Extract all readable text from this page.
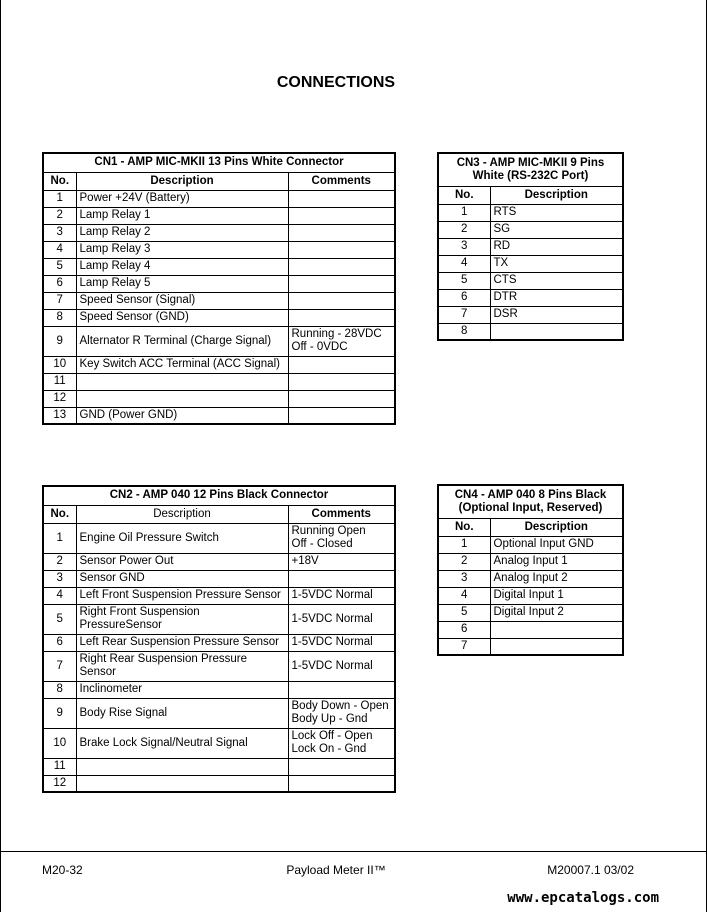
CONNECTIONS
CN1 - AMP MIC-MKII 13 Pins White Connector		
No.	Description	Comments
1	Power +24V (Battery)	
2	Lamp Relay 1	
3	Lamp Relay 2	
4	Lamp Relay 3	
5	Lamp Relay 4	
6	Lamp Relay 5	
7	Speed Sensor (Signal)	
8	Speed Sensor (GND)	
9	Alternator R Terminal (Charge Signal)	Running - 28VDC
Off - 0VDC
10	Key Switch ACC Terminal (ACC Signal)	
11		
12		
13	GND (Power GND)	
CN3 - AMP MIC-MKII 9 Pins
White (RS-232C Port)	
No.	Description
1	RTS
2	SG
3	RD
4	TX
5	CTS
6	DTR
7	DSR
8	
CN2 - AMP 040 12 Pins Black Connector		
No.	Description	Comments
1	Engine Oil Pressure Switch	Running Open
Off - Closed
2	Sensor Power Out	+18V
3	Sensor GND	
4	Left Front Suspension Pressure Sensor	1-5VDC Normal
5	Right Front Suspension
PressureSensor	1-5VDC Normal
6	Left Rear Suspension Pressure Sensor	1-5VDC Normal
7	Right Rear Suspension Pressure
Sensor	1-5VDC Normal
8	Inclinometer	
9	Body Rise Signal	Body Down - Open
Body Up - Gnd
10	Brake Lock Signal/Neutral Signal	Lock Off - Open
Lock On - Gnd
11		
12		
CN4 - AMP 040 8 Pins Black
(Optional Input, Reserved)	
No.	Description
1	Optional Input GND
2	Analog Input 1
3	Analog Input 2
4	Digital Input 1
5	Digital Input 2
6	
7	
M20-32	Payload Meter II™	M20007.1 03/02
www.epcatalogs.com
